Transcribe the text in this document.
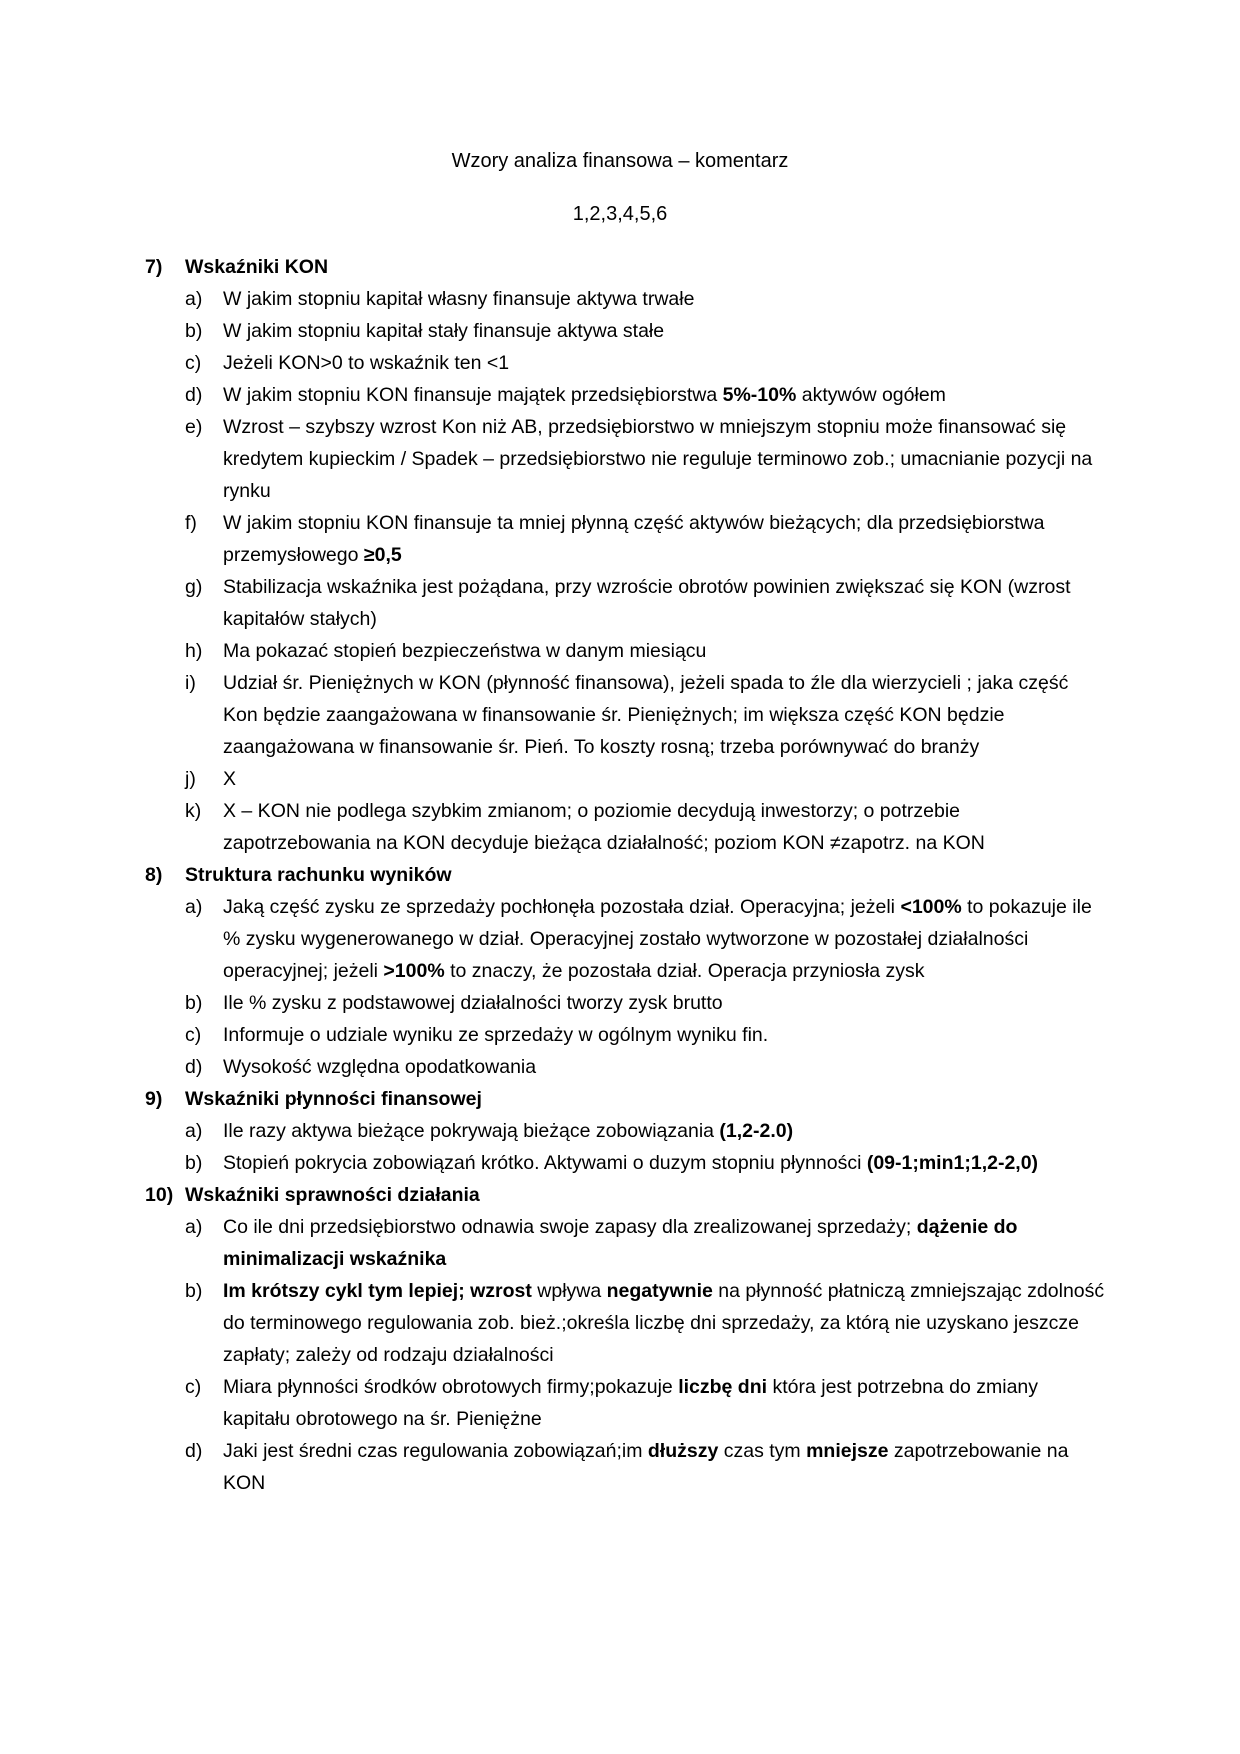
Wzory analiza finansowa – komentarz
1,2,3,4,5,6
7)	Wskaźniki KON
a)	W jakim stopniu kapitał własny finansuje aktywa trwałe
b)	W jakim stopniu kapitał stały finansuje aktywa stałe
c)	Jeżeli KON>0 to wskaźnik ten <1
d)	W jakim stopniu KON finansuje majątek przedsiębiorstwa 5%-10% aktywów ogółem
e)	Wzrost – szybszy wzrost Kon niż AB, przedsiębiorstwo w mniejszym stopniu może finansować się kredytem kupieckim / Spadek – przedsiębiorstwo nie reguluje terminowo zob.; umacnianie pozycji na rynku
f)	W jakim stopniu KON finansuje ta mniej płynną część aktywów bieżących; dla przedsiębiorstwa przemysłowego ≥0,5
g)	Stabilizacja wskaźnika jest pożądana, przy wzroście obrotów powinien zwiększać się KON (wzrost kapitałów stałych)
h)	Ma pokazać stopień bezpieczeństwa w danym miesiącu
i)	Udział śr. Pieniężnych w KON (płynność finansowa), jeżeli spada to źle dla wierzycieli ; jaka część Kon będzie zaangażowana w finansowanie śr. Pieniężnych; im większa część KON będzie zaangażowana w finansowanie śr. Pień. To koszty rosną; trzeba porównywać do branży
j)	X
k)	X – KON nie podlega szybkim zmianom; o poziomie decydują inwestorzy; o potrzebie zapotrzebowania na KON decyduje bieżąca działalność; poziom KON ≠zapotrz. na KON
8)	Struktura rachunku wyników
a)	Jaką część zysku ze sprzedaży pochłonęła pozostała dział. Operacyjna; jeżeli <100% to pokazuje ile % zysku wygenerowanego w dział. Operacyjnej zostało wytworzone w pozostałej działalności operacyjnej; jeżeli >100% to znaczy, że pozostała dział. Operacja przyniosła zysk
b)	Ile % zysku z podstawowej działalności tworzy zysk brutto
c)	Informuje o udziale wyniku ze sprzedaży w ogólnym wyniku fin.
d)	Wysokość względna opodatkowania
9)	Wskaźniki płynności finansowej
a)	Ile razy aktywa bieżące pokrywają bieżące zobowiązania (1,2-2.0)
b)	Stopień pokrycia zobowiązań krótko. Aktywami o duzym stopniu płynności (09-1;min1;1,2-2,0)
10) Wskaźniki sprawności działania
a)	Co ile dni przedsiębiorstwo odnawia swoje zapasy dla zrealizowanej sprzedaży; dążenie do minimalizacji wskaźnika
b)	Im krótszy cykl tym lepiej; wzrost wpływa negatywnie na płynność płatniczą zmniejszając zdolność do terminowego regulowania zob. bież.;określa liczbę dni sprzedaży, za którą nie uzyskano jeszcze zapłaty; zależy od rodzaju działalności
c)	Miara płynności środków obrotowych firmy;pokazuje liczbę dni która jest potrzebna do zmiany kapitału obrotowego na śr. Pieniężne
d)	Jaki jest średni czas regulowania zobowiązań;im dłuższy czas tym mniejsze zapotrzebowanie na KON
